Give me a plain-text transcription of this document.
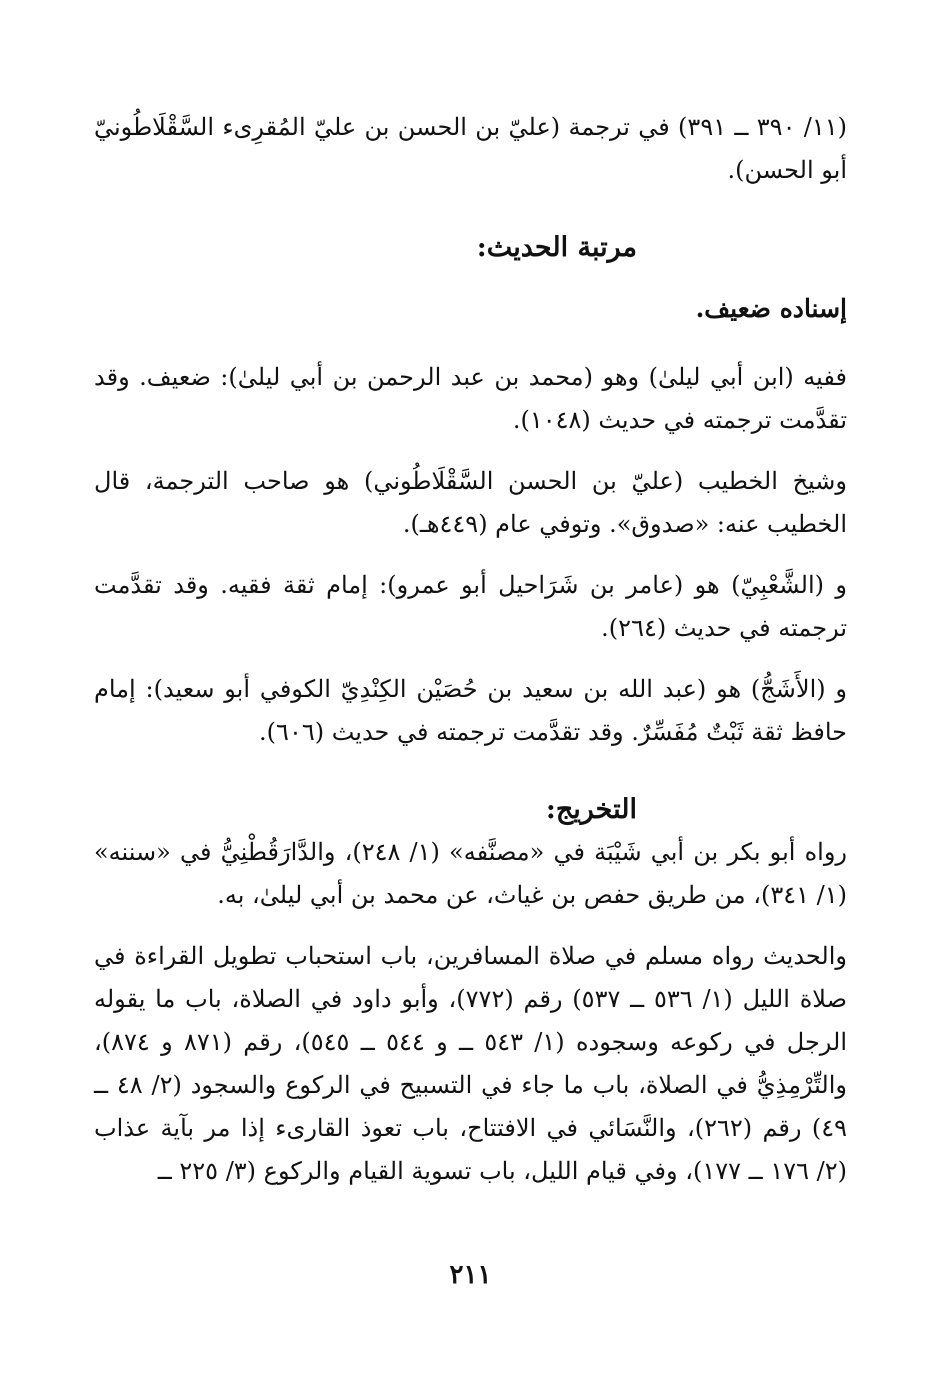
(١١/ ٣٩٠ ــ ٣٩١) في ترجمة (عليّ بن الحسن بن عليّ المُقرِىء السَّقْلَاطُونيّ أبو الحسن).

مرتبة الحديث:

إسناده ضعيف.

ففيه (ابن أبي ليلىٰ) وهو (محمد بن عبد الرحمن بن أبي ليلىٰ): ضعيف. وقد تقدَّمت ترجمته في حديث (١٠٤٨).

وشيخ الخطيب (عليّ بن الحسن السَّقْلَاطُوني) هو صاحب الترجمة، قال الخطيب عنه: «صدوق». وتوفي عام (٤٤٩هـ).

و (الشَّعْبِيّ) هو (عامر بن شَرَاحيل أبو عمرو): إمام ثقة فقيه. وقد تقدَّمت ترجمته في حديث (٢٦٤).

و (الأَشَجُّ) هو (عبد الله بن سعيد بن حُصَيْن الكِنْدِيّ الكوفي أبو سعيد): إمام حافظ ثقة ثَبْتٌ مُفَسِّرٌ. وقد تقدَّمت ترجمته في حديث (٦٠٦).

التخريج:

رواه أبو بكر بن أبي شَيْبَة في «مصنَّفه» (١/ ٢٤٨)، والدَّارَقُطْنِيُّ في «سننه» (١/ ٣٤١)، من طريق حفص بن غياث، عن محمد بن أبي ليلىٰ، به.

والحديث رواه مسلم في صلاة المسافرين، باب استحباب تطويل القراءة في صلاة الليل (١/ ٥٣٦ ــ ٥٣٧) رقم (٧٧٢)، وأبو داود في الصلاة، باب ما يقوله الرجل في ركوعه وسجوده (١/ ٥٤٣ ــ و ٥٤٤ ــ ٥٤٥)، رقم (٨٧١ و ٨٧٤)، والتِّرْمِذِيُّ في الصلاة، باب ما جاء في التسبيح في الركوع والسجود (٢/ ٤٨ ــ ٤٩) رقم (٢٦٢)، والنَّسَائي في الافتتاح، باب تعوذ القارىء إذا مر بآية عذاب (٢/ ١٧٦ ــ ١٧٧)، وفي قيام الليل، باب تسوية القيام والركوع (٣/ ٢٢٥ ــ

٢١١
